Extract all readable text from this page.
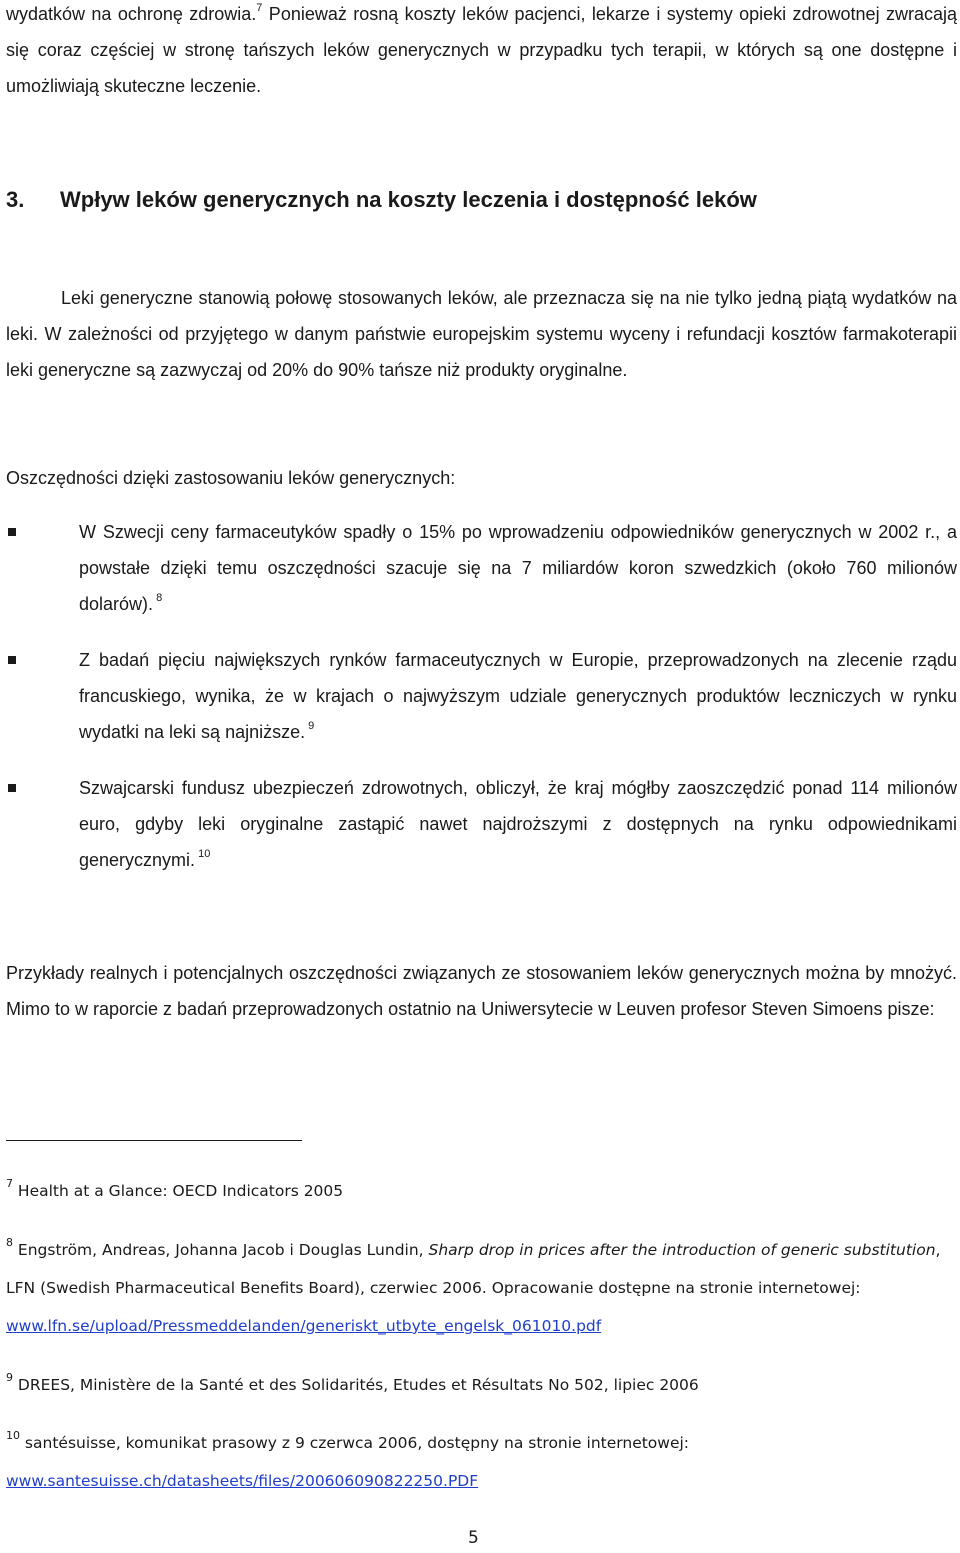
wydatków na ochronę zdrowia.$^7$ Ponieważ rosną koszty leków pacjenci, lekarze i systemy opieki zdrowotnej zwracają się coraz częściej w stronę tańszych leków generycznych w przypadku tych terapii, w których są one dostępne i umożliwiają skuteczne leczenie.

3. Wpływ leków generycznych na koszty leczenia i dostępność leków

Leki generyczne stanowią połowę stosowanych leków, ale przeznacza się na nie tylko jedną piątą wydatków na leki. W zależności od przyjętego w danym państwie europejskim systemu wyceny i refundacji kosztów farmakoterapii leki generyczne są zazwyczaj od 20% do 90% tańsze niż produkty oryginalne.

Oszczędności dzięki zastosowaniu leków generycznych:

W Szwecji ceny farmaceutyków spadły o 15% po wprowadzeniu odpowiedników generycznych w 2002 r., a powstałe dzięki temu oszczędności szacuje się na 7 miliardów koron szwedzkich (około 760 milionów dolarów). $^8$

Z badań pięciu największych rynków farmaceutycznych w Europie, przeprowadzonych na zlecenie rządu francuskiego, wynika, że w krajach o najwyższym udziale generycznych produktów leczniczych w rynku wydatki na leki są najniższe. $^9$

Szwajcarski fundusz ubezpieczeń zdrowotnych, obliczył, że kraj mógłby zaoszczędzić ponad 114 milionów euro, gdyby leki oryginalne zastąpić nawet najdroższymi z dostępnych na rynku odpowiednikami generycznymi. $^{10}$

Przykłady realnych i potencjalnych oszczędności związanych ze stosowaniem leków generycznych można by mnożyć. Mimo to w raporcie z badań przeprowadzonych ostatnio na Uniwersytecie w Leuven profesor Steven Simoens pisze:

$^7$ Health at a Glance: OECD Indicators 2005

$^8$ Engström, Andreas, Johanna Jacob i Douglas Lundin, Sharp drop in prices after the introduction of generic substitution, LFN (Swedish Pharmaceutical Benefits Board), czerwiec 2006. Opracowanie dostępne na stronie internetowej: www.lfn.se/upload/Pressmeddelanden/generiskt_utbyte_engelsk_061010.pdf

$^9$ DREES, Ministère de la Santé et des Solidarités, Etudes et Résultats No 502, lipiec 2006

$^{10}$ santésuisse, komunikat prasowy z 9 czerwca 2006, dostępny na stronie internetowej:
www.santesuisse.ch/datasheets/files/200606090822250.PDF

5
